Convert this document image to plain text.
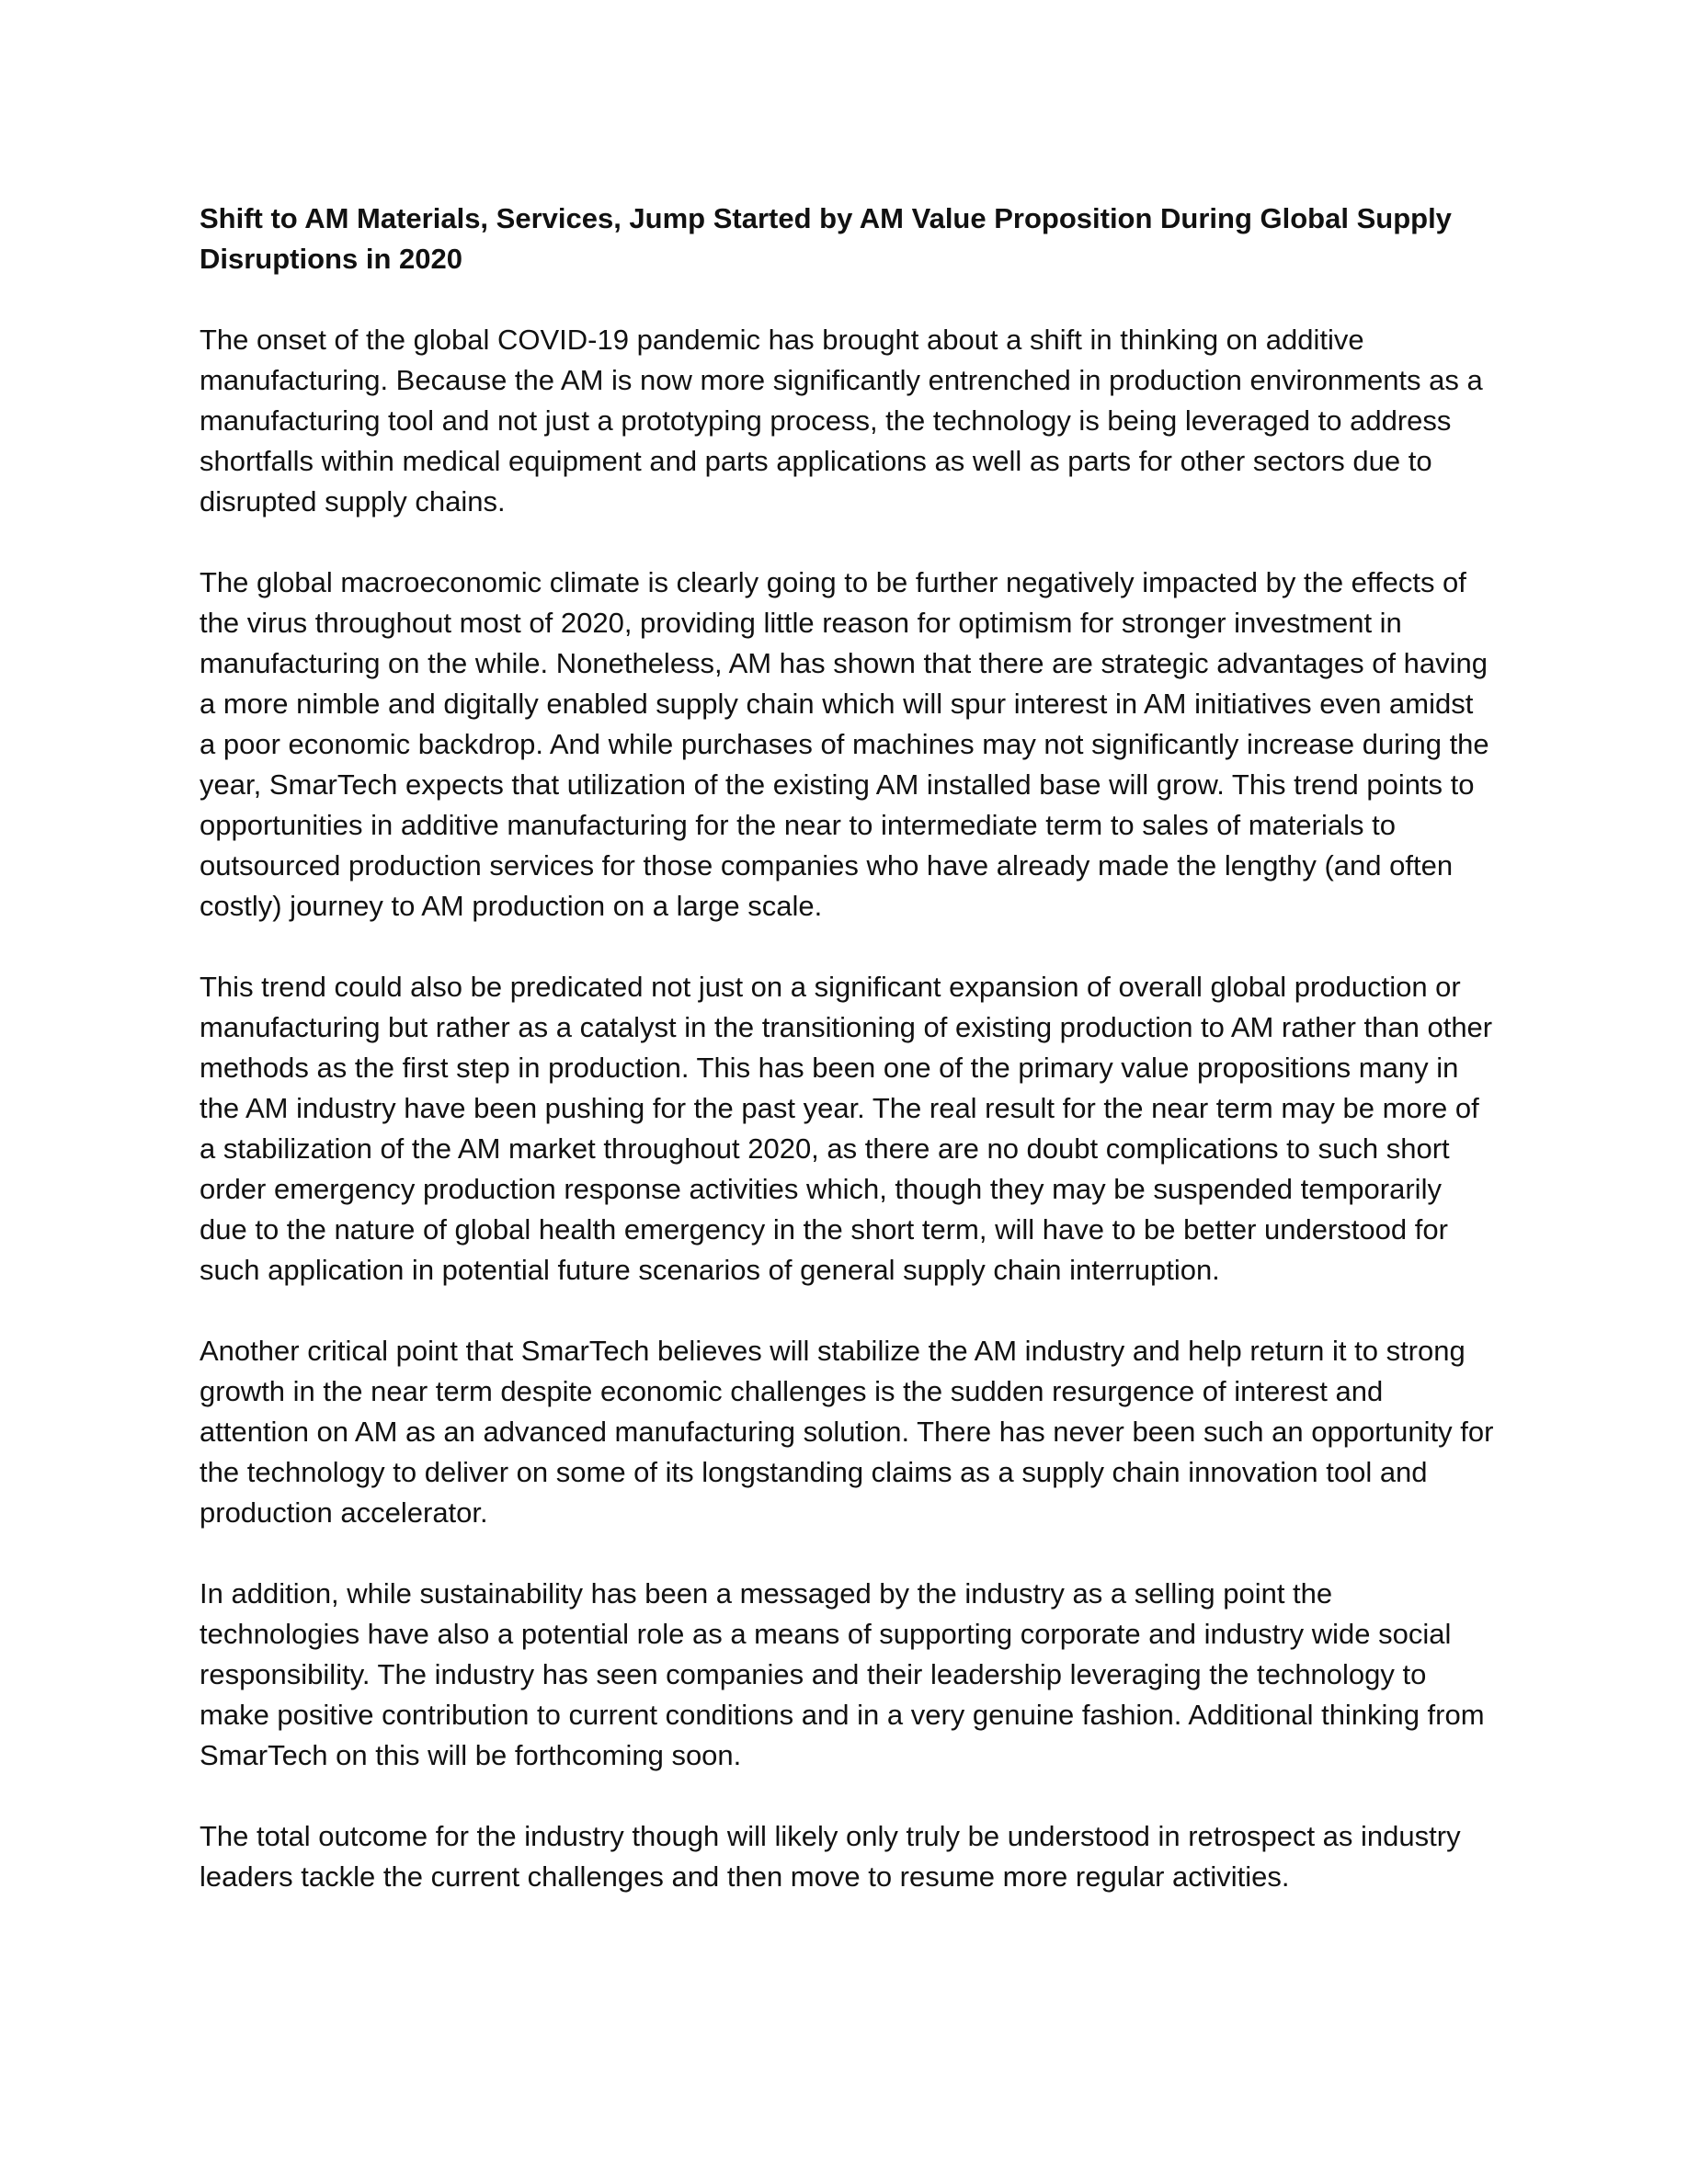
Shift to AM Materials, Services, Jump Started by AM Value Proposition During Global Supply Disruptions in 2020

The onset of the global COVID-19 pandemic has brought about a shift in thinking on additive manufacturing. Because the AM is now more significantly entrenched in production environments as a manufacturing tool and not just a prototyping process, the technology is being leveraged to address shortfalls within medical equipment and parts applications as well as parts for other sectors due to disrupted supply chains.

The global macroeconomic climate is clearly going to be further negatively impacted by the effects of the virus throughout most of 2020, providing little reason for optimism for stronger investment in manufacturing on the while. Nonetheless, AM has shown that there are strategic advantages of having a more nimble and digitally enabled supply chain which will spur interest in AM initiatives even amidst a poor economic backdrop. And while purchases of machines may not significantly increase during the year, SmarTech expects that utilization of the existing AM installed base will grow. This trend points to opportunities in additive manufacturing for the near to intermediate term to sales of materials to outsourced production services for those companies who have already made the lengthy (and often costly) journey to AM production on a large scale.

This trend could also be predicated not just on a significant expansion of overall global production or manufacturing but rather as a catalyst in the transitioning of existing production to AM rather than other methods as the first step in production. This has been one of the primary value propositions many in the AM industry have been pushing for the past year. The real result for the near term may be more of a stabilization of the AM market throughout 2020, as there are no doubt complications to such short order emergency production response activities which, though they may be suspended temporarily due to the nature of global health emergency in the short term, will have to be better understood for such application in potential future scenarios of general supply chain interruption.

Another critical point that SmarTech believes will stabilize the AM industry and help return it to strong growth in the near term despite economic challenges is the sudden resurgence of interest and attention on AM as an advanced manufacturing solution. There has never been such an opportunity for the technology to deliver on some of its longstanding claims as a supply chain innovation tool and production accelerator.

In addition, while sustainability has been a messaged by the industry as a selling point the technologies have also a potential role as a means of supporting corporate and industry wide social responsibility. The industry has seen companies and their leadership leveraging the technology to make positive contribution to current conditions and in a very genuine fashion. Additional thinking from SmarTech on this will be forthcoming soon.

The total outcome for the industry though will likely only truly be understood in retrospect as industry leaders tackle the current challenges and then move to resume more regular activities.
